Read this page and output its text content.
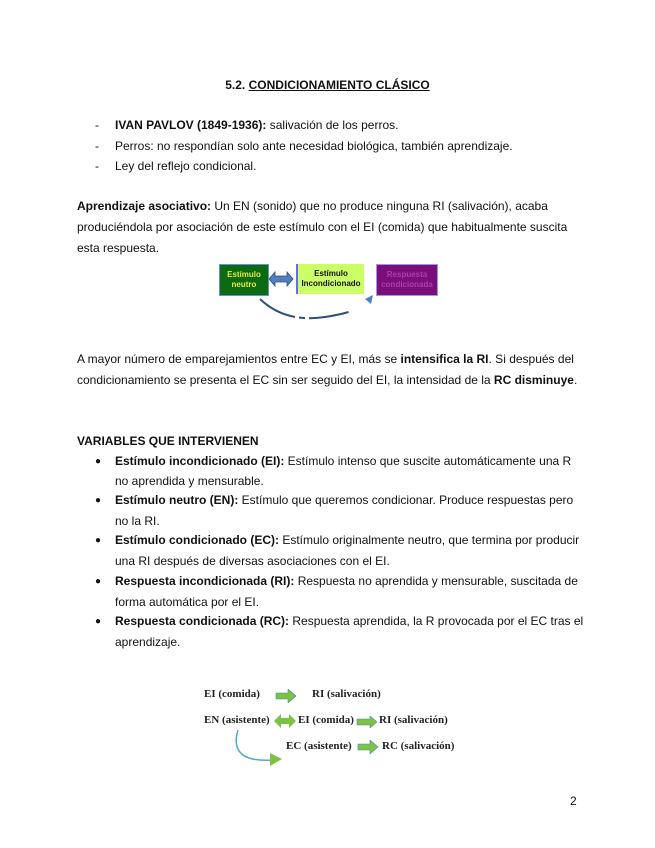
5.2. CONDICIONAMIENTO CLÁSICO
- IVAN PAVLOV (1849-1936): salivación de los perros.
- Perros: no respondían solo ante necesidad biológica, también aprendizaje.
- Ley del reflejo condicional.
Aprendizaje asociativo: Un EN (sonido) que no produce ninguna RI (salivación), acaba
produciéndola por asociación de este estímulo con el EI (comida) que habitualmente suscita
esta respuesta.
Estímulo neutro
Estímulo Incondicionado
Respuesta condicionada
A mayor número de emparejamientos entre EC y EI, más se intensifica la RI. Si después del
condicionamiento se presenta el EC sin ser seguido del EI, la intensidad de la RC disminuye.
VARIABLES QUE INTERVIENEN
● Estímulo incondicionado (EI): Estímulo intenso que suscite automáticamente una R
no aprendida y mensurable.
● Estímulo neutro (EN): Estímulo que queremos condicionar. Produce respuestas pero
no la RI.
● Estímulo condicionado (EC): Estímulo originalmente neutro, que termina por producir
una RI después de diversas asociaciones con el EI.
● Respuesta incondicionada (RI): Respuesta no aprendida y mensurable, suscitada de
forma automática por el EI.
● Respuesta condicionada (RC): Respuesta aprendida, la R provocada por el EC tras el
aprendizaje.
EI (comida)	RI (salivación)
EN (asistente)	EI (comida) RI (salivación)
EC (asistente)	RC (salivación)
2
